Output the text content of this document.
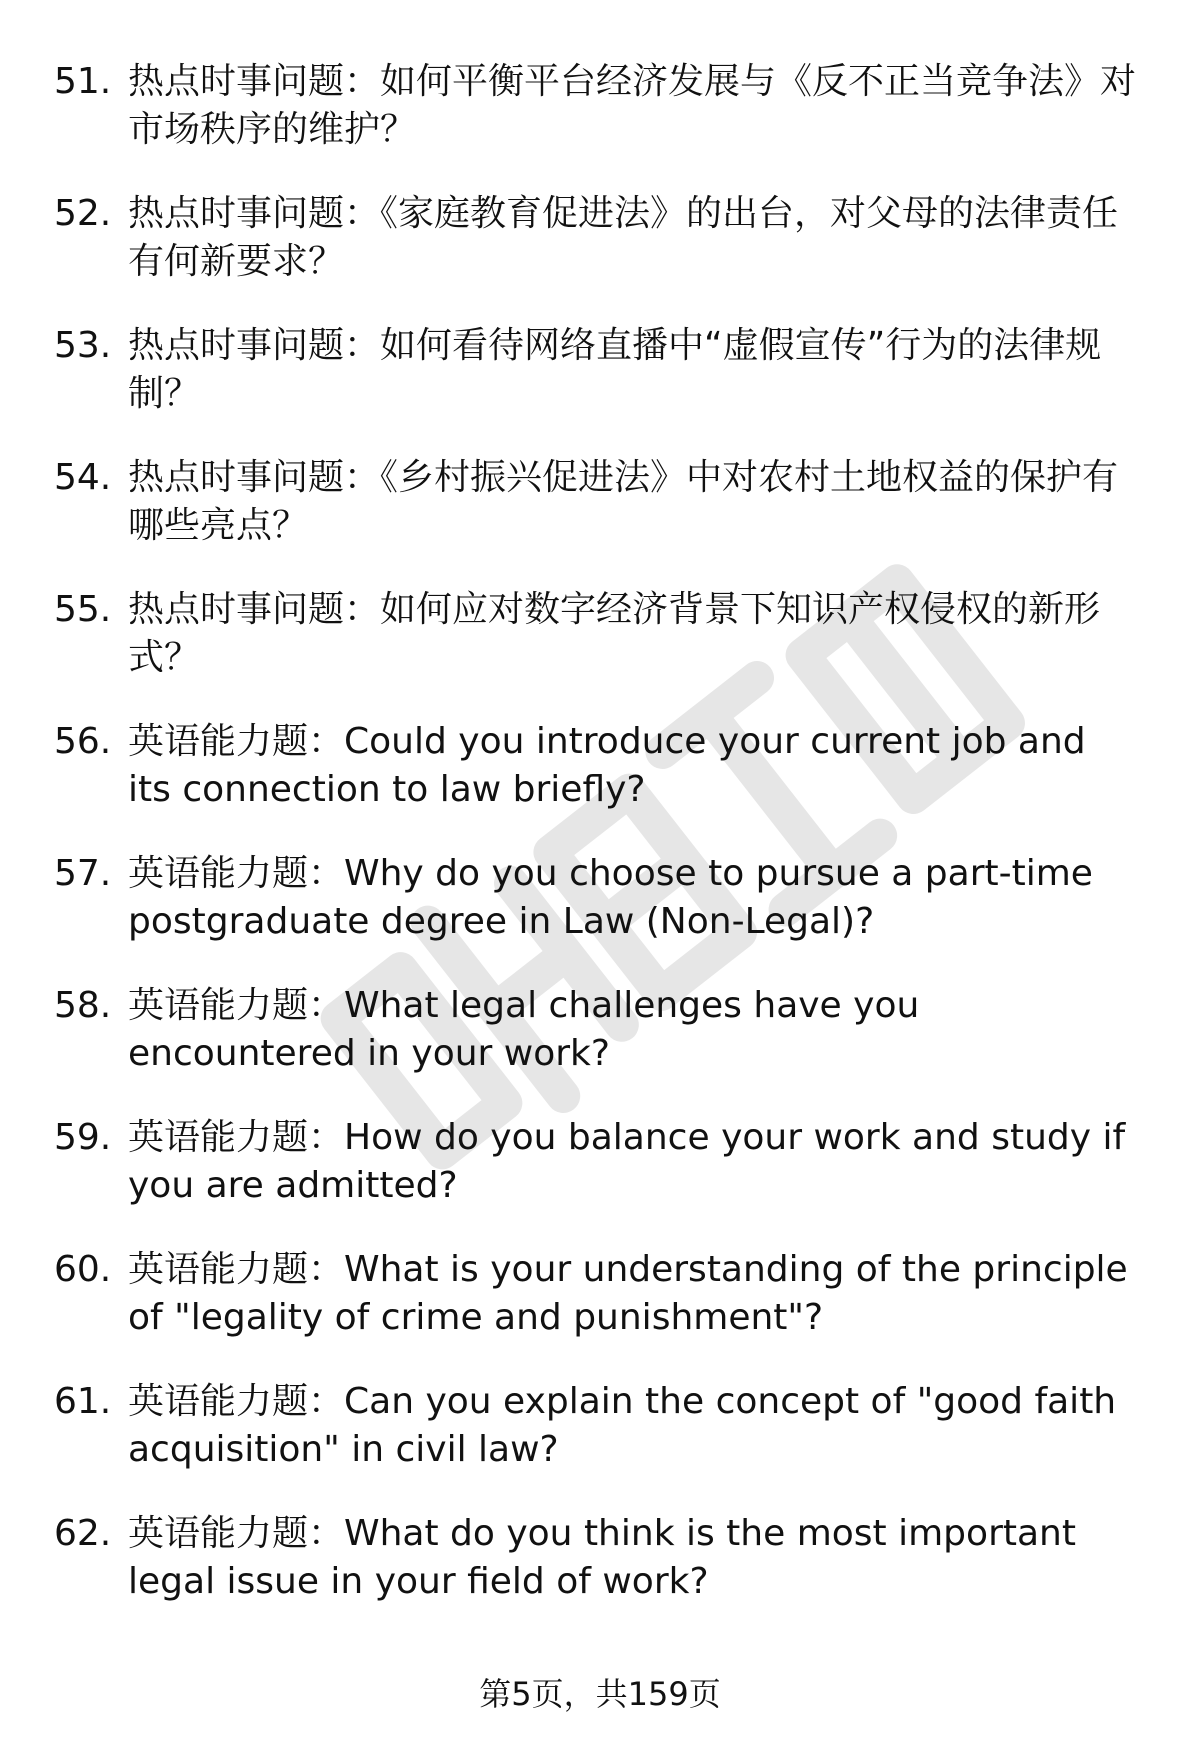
51. 热点时事问题：如何平衡平台经济发展与《反不正当竞争法》对市场秩序的维护？
52. 热点时事问题：《家庭教育促进法》的出台，对父母的法律责任有何新要求？
53. 热点时事问题：如何看待网络直播中“虚假宣传”行为的法律规制？
54. 热点时事问题：《乡村振兴促进法》中对农村土地权益的保护有哪些亮点？
55. 热点时事问题：如何应对数字经济背景下知识产权侵权的新形式？
56. 英语能力题：Could you introduce your current job and its connection to law briefly?
57. 英语能力题：Why do you choose to pursue a part-time postgraduate degree in Law (Non-Legal)?
58. 英语能力题：What legal challenges have you encountered in your work?
59. 英语能力题：How do you balance your work and study if you are admitted?
60. 英语能力题：What is your understanding of the principle of "legality of crime and punishment"?
61. 英语能力题：Can you explain the concept of "good faith acquisition" in civil law?
62. 英语能力题：What do you think is the most important legal issue in your field of work?
第5页，共159页
